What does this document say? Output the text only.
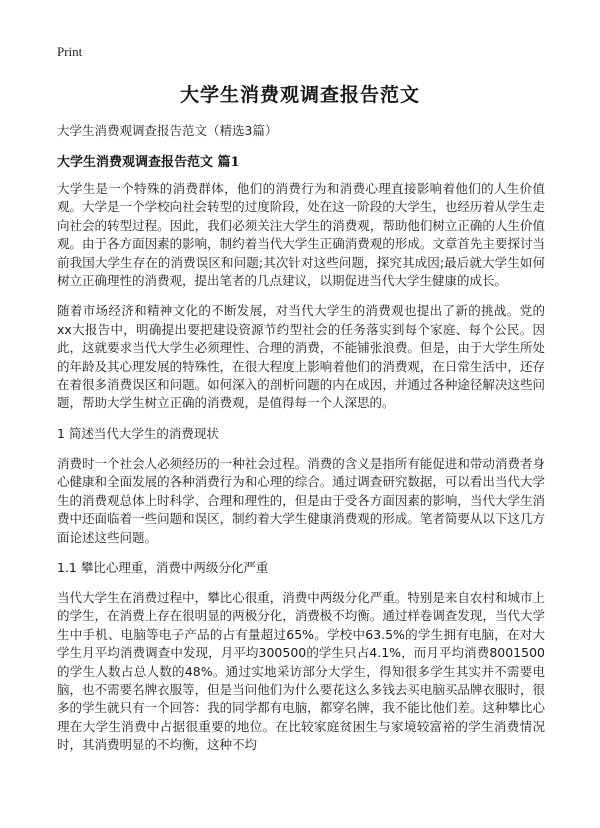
Print
大学生消费观调查报告范文
大学生消费观调查报告范文（精选3篇）
大学生消费观调查报告范文 篇1

大学生是一个特殊的消费群体，他们的消费行为和消费心理直接影响着他们的人生价值观。大学是一个学校向社会转型的过度阶段，处在这一阶段的大学生，也经历着从学生走向社会的转型过程。因此，我们必须关注大学生的消费观，帮助他们树立正确的人生价值观。由于各方面因素的影响，制约着当代大学生正确消费观的形成。文章首先主要探讨当前我国大学生存在的消费误区和问题;其次针对这些问题，探究其成因;最后就大学生如何树立正确理性的消费观，提出笔者的几点建议，以期促进当代大学生健康的成长。

随着市场经济和精神文化的不断发展，对当代大学生的消费观也提出了新的挑战。党的xx大报告中，明确提出要把建设资源节约型社会的任务落实到每个家庭、每个公民。因此，这就要求当代大学生必须理性、合理的消费，不能铺张浪费。但是，由于大学生所处的年龄及其心理发展的特殊性，在很大程度上影响着他们的消费观，在日常生活中，还存在着很多消费误区和问题。如何深入的剖析问题的内在成因，并通过各种途径解决这些问题，帮助大学生树立正确的消费观，是值得每一个人深思的。

1 简述当代大学生的消费现状

消费时一个社会人必须经历的一种社会过程。消费的含义是指所有能促进和带动消费者身心健康和全面发展的各种消费行为和心理的综合。通过调查研究数据，可以看出当代大学生的消费观总体上时科学、合理和理性的，但是由于受各方面因素的影响，当代大学生消费中还面临着一些问题和误区，制约着大学生健康消费观的形成。笔者简要从以下这几方面论述这些问题。

1.1 攀比心理重，消费中两级分化严重

当代大学生在消费过程中，攀比心很重，消费中两级分化严重。特别是来自农村和城市上的学生，在消费上存在很明显的两极分化，消费极不均衡。通过样卷调查发现，当代大学生中手机、电脑等电子产品的占有量超过65%。学校中63.5%的学生拥有电脑，在对大学生月平均消费调查中发现，月平均300500的学生只占4.1%，而月平均消费8001500的学生人数占总人数的48%。通过实地采访部分大学生，得知很多学生其实并不需要电脑，也不需要名牌衣服等，但是当问他们为什么要花这么多钱去买电脑买品牌衣服时，很多的学生就只有一个回答：我的同学都有电脑，都穿名牌，我不能比他们差。这种攀比心理在大学生消费中占据很重要的地位。在比较家庭贫困生与家境较富裕的学生消费情况时，其消费明显的不均衡，这种不均
